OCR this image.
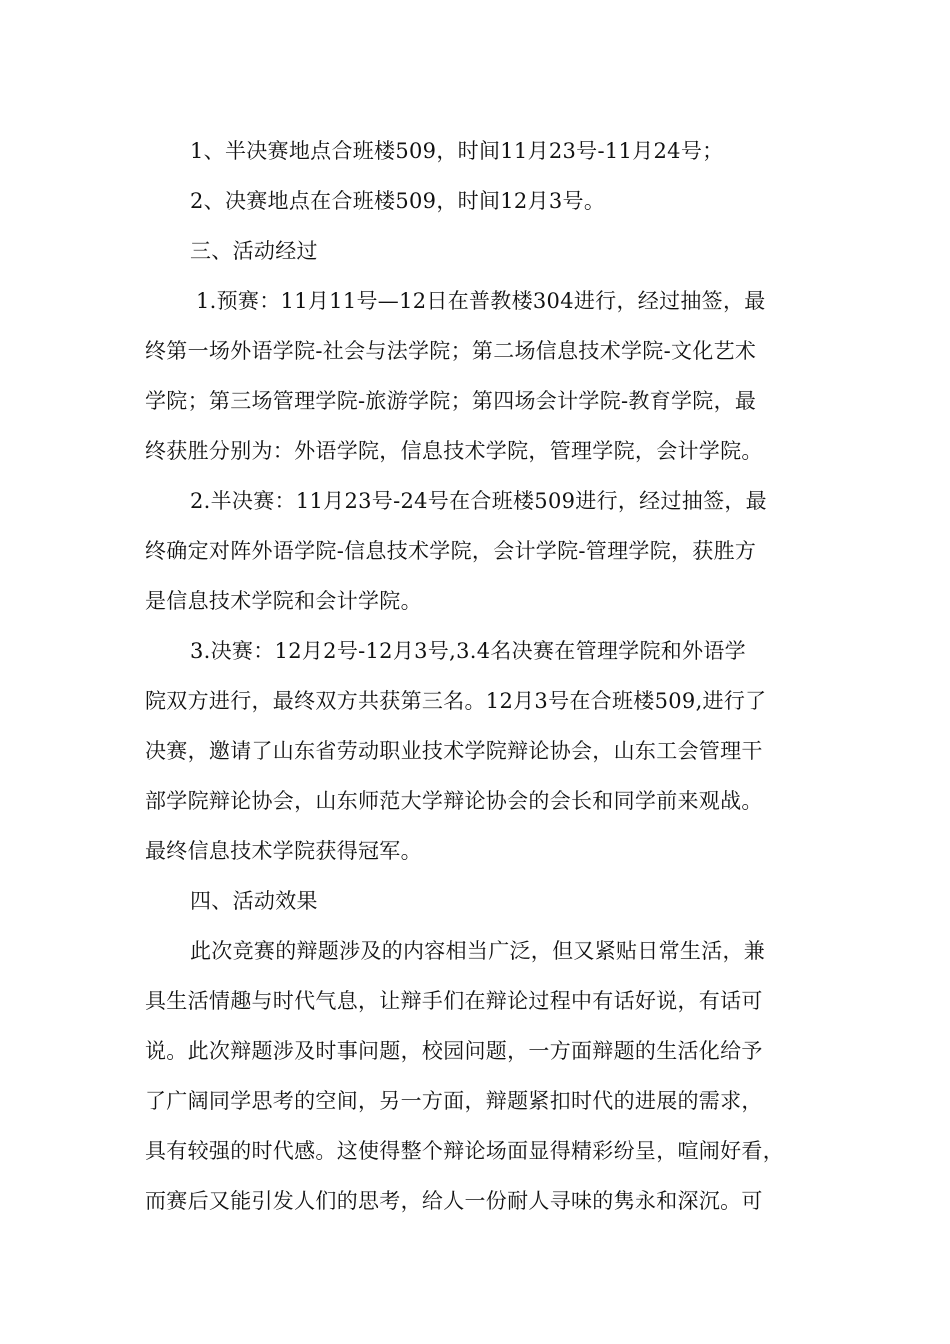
1、半决赛地点合班楼509，时间11月23号-11月24号；
2、决赛地点在合班楼509，时间12月3号。
三、活动经过
1.预赛：11月11号—12日在普教楼304进行，经过抽签，最
终第一场外语学院-社会与法学院；第二场信息技术学院-文化艺术
学院；第三场管理学院-旅游学院；第四场会计学院-教育学院，最
终获胜分别为：外语学院，信息技术学院，管理学院，会计学院。
2.半决赛：11月23号-24号在合班楼509进行，经过抽签，最
终确定对阵外语学院-信息技术学院，会计学院-管理学院，获胜方
是信息技术学院和会计学院。
3.决赛：12月2号-12月3号,3.4名决赛在管理学院和外语学
院双方进行，最终双方共获第三名。12月3号在合班楼509,进行了
决赛，邀请了山东省劳动职业技术学院辩论协会，山东工会管理干
部学院辩论协会，山东师范大学辩论协会的会长和同学前来观战。
最终信息技术学院获得冠军。
四、活动效果
此次竞赛的辩题涉及的内容相当广泛，但又紧贴日常生活，兼
具生活情趣与时代气息，让辩手们在辩论过程中有话好说，有话可
说。此次辩题涉及时事问题，校园问题，一方面辩题的生活化给予
了广阔同学思考的空间，另一方面，辩题紧扣时代的进展的需求，
具有较强的时代感。这使得整个辩论场面显得精彩纷呈，喧闹好看，
而赛后又能引发人们的思考，给人一份耐人寻味的隽永和深沉。可
